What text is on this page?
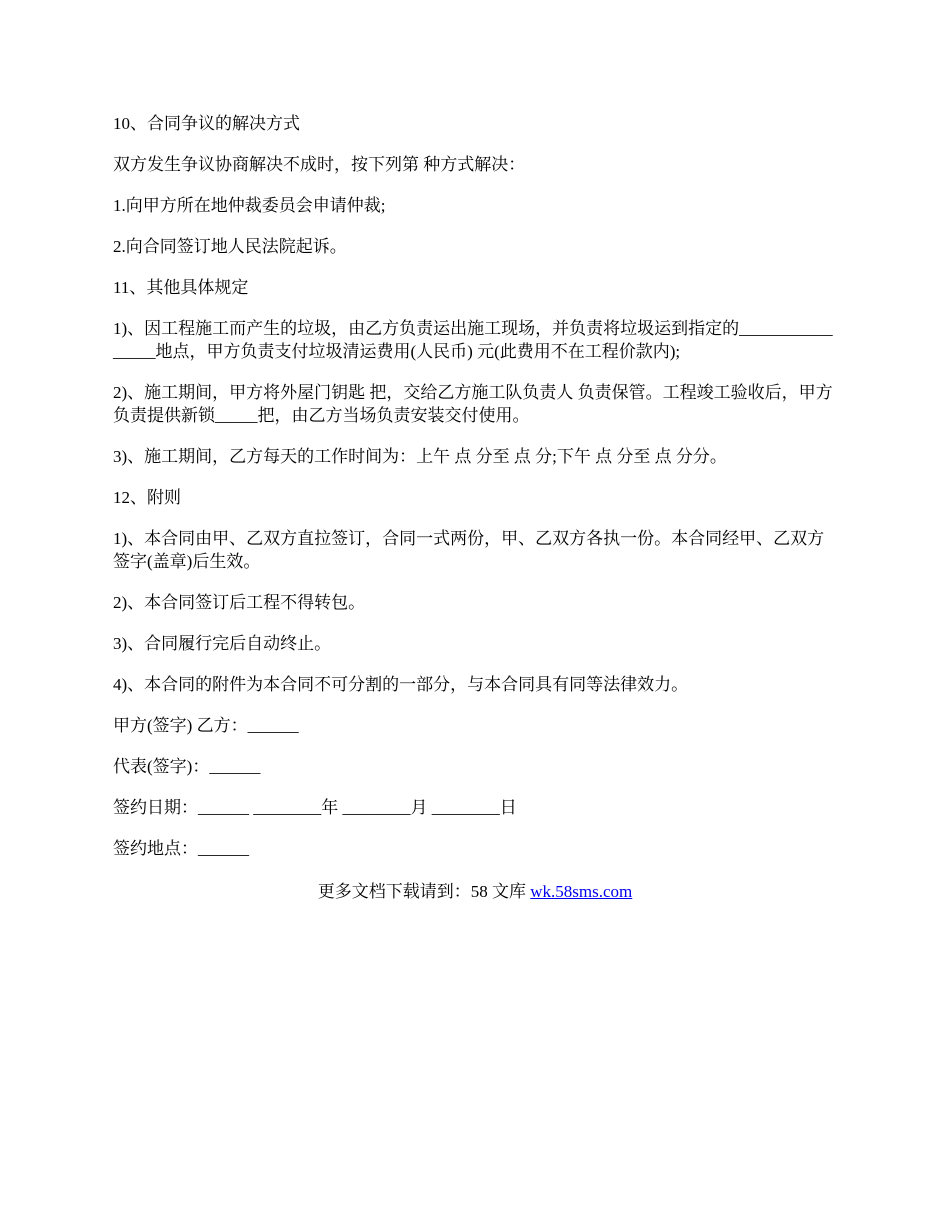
10、合同争议的解决方式

双方发生争议协商解决不成时，按下列第 种方式解决：

1.向甲方所在地仲裁委员会申请仲裁;

2.向合同签订地人民法院起诉。

11、其他具体规定

1)、因工程施工而产生的垃圾，由乙方负责运出施工现场，并负责将垃圾运到指定的________________地点，甲方负责支付垃圾清运费用(人民币) 元(此费用不在工程价款内);

2)、施工期间，甲方将外屋门钥匙 把，交给乙方施工队负责人 负责保管。工程竣工验收后，甲方负责提供新锁_____把，由乙方当场负责安装交付使用。

3)、施工期间，乙方每天的工作时间为：上午 点 分至 点 分;下午 点 分至 点 分分。

12、附则

1)、本合同由甲、乙双方直拉签订，合同一式两份，甲、乙双方各执一份。本合同经甲、乙双方签字(盖章)后生效。

2)、本合同签订后工程不得转包。

3)、合同履行完后自动终止。

4)、本合同的附件为本合同不可分割的一部分，与本合同具有同等法律效力。

甲方(签字) 乙方：______

代表(签字)：______

签约日期：______ ________年 ________月 ________日

签约地点：______

更多文档下载请到：58 文库 wk.58sms.com
